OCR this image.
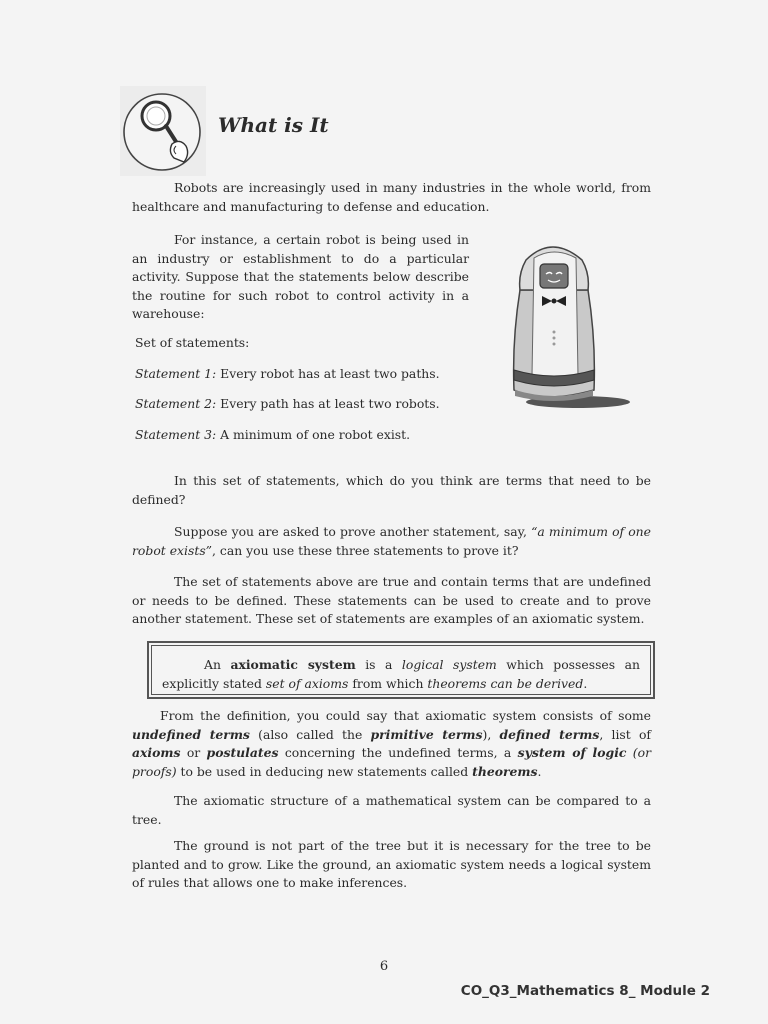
What is It

Robots are increasingly used in many industries in the whole world, from healthcare and manufacturing to defense and education.

For instance, a certain robot is being used in an industry or establishment to do a particular activity. Suppose that the statements below describe the routine for such robot to control activity in a warehouse:

Set of statements:

Statement 1: Every robot has at least two paths.

Statement 2: Every path has at least two robots.

Statement 3: A minimum of one robot exist.

In this set of statements, which do you think are terms that need to be defined?

Suppose you are asked to prove another statement, say, “a minimum of one robot exists”, can you use these three statements to prove it?

The set of statements above are true and contain terms that are undefined or needs to be defined. These statements can be used to create and to prove another statement. These set of statements are examples of an axiomatic system.

An axiomatic system is a logical system which possesses an explicitly stated set of axioms from which theorems can be derived.

From the definition, you could say that axiomatic system consists of some undefined terms (also called the primitive terms), defined terms, list of axioms or postulates concerning the undefined terms, a system of logic (or proofs) to be used in deducing new statements called theorems.

The axiomatic structure of a mathematical system can be compared to a tree.

The ground is not part of the tree but it is necessary for the tree to be planted and to grow. Like the ground, an axiomatic system needs a logical system of rules that allows one to make inferences.

6
CO_Q3_Mathematics 8_ Module 2
